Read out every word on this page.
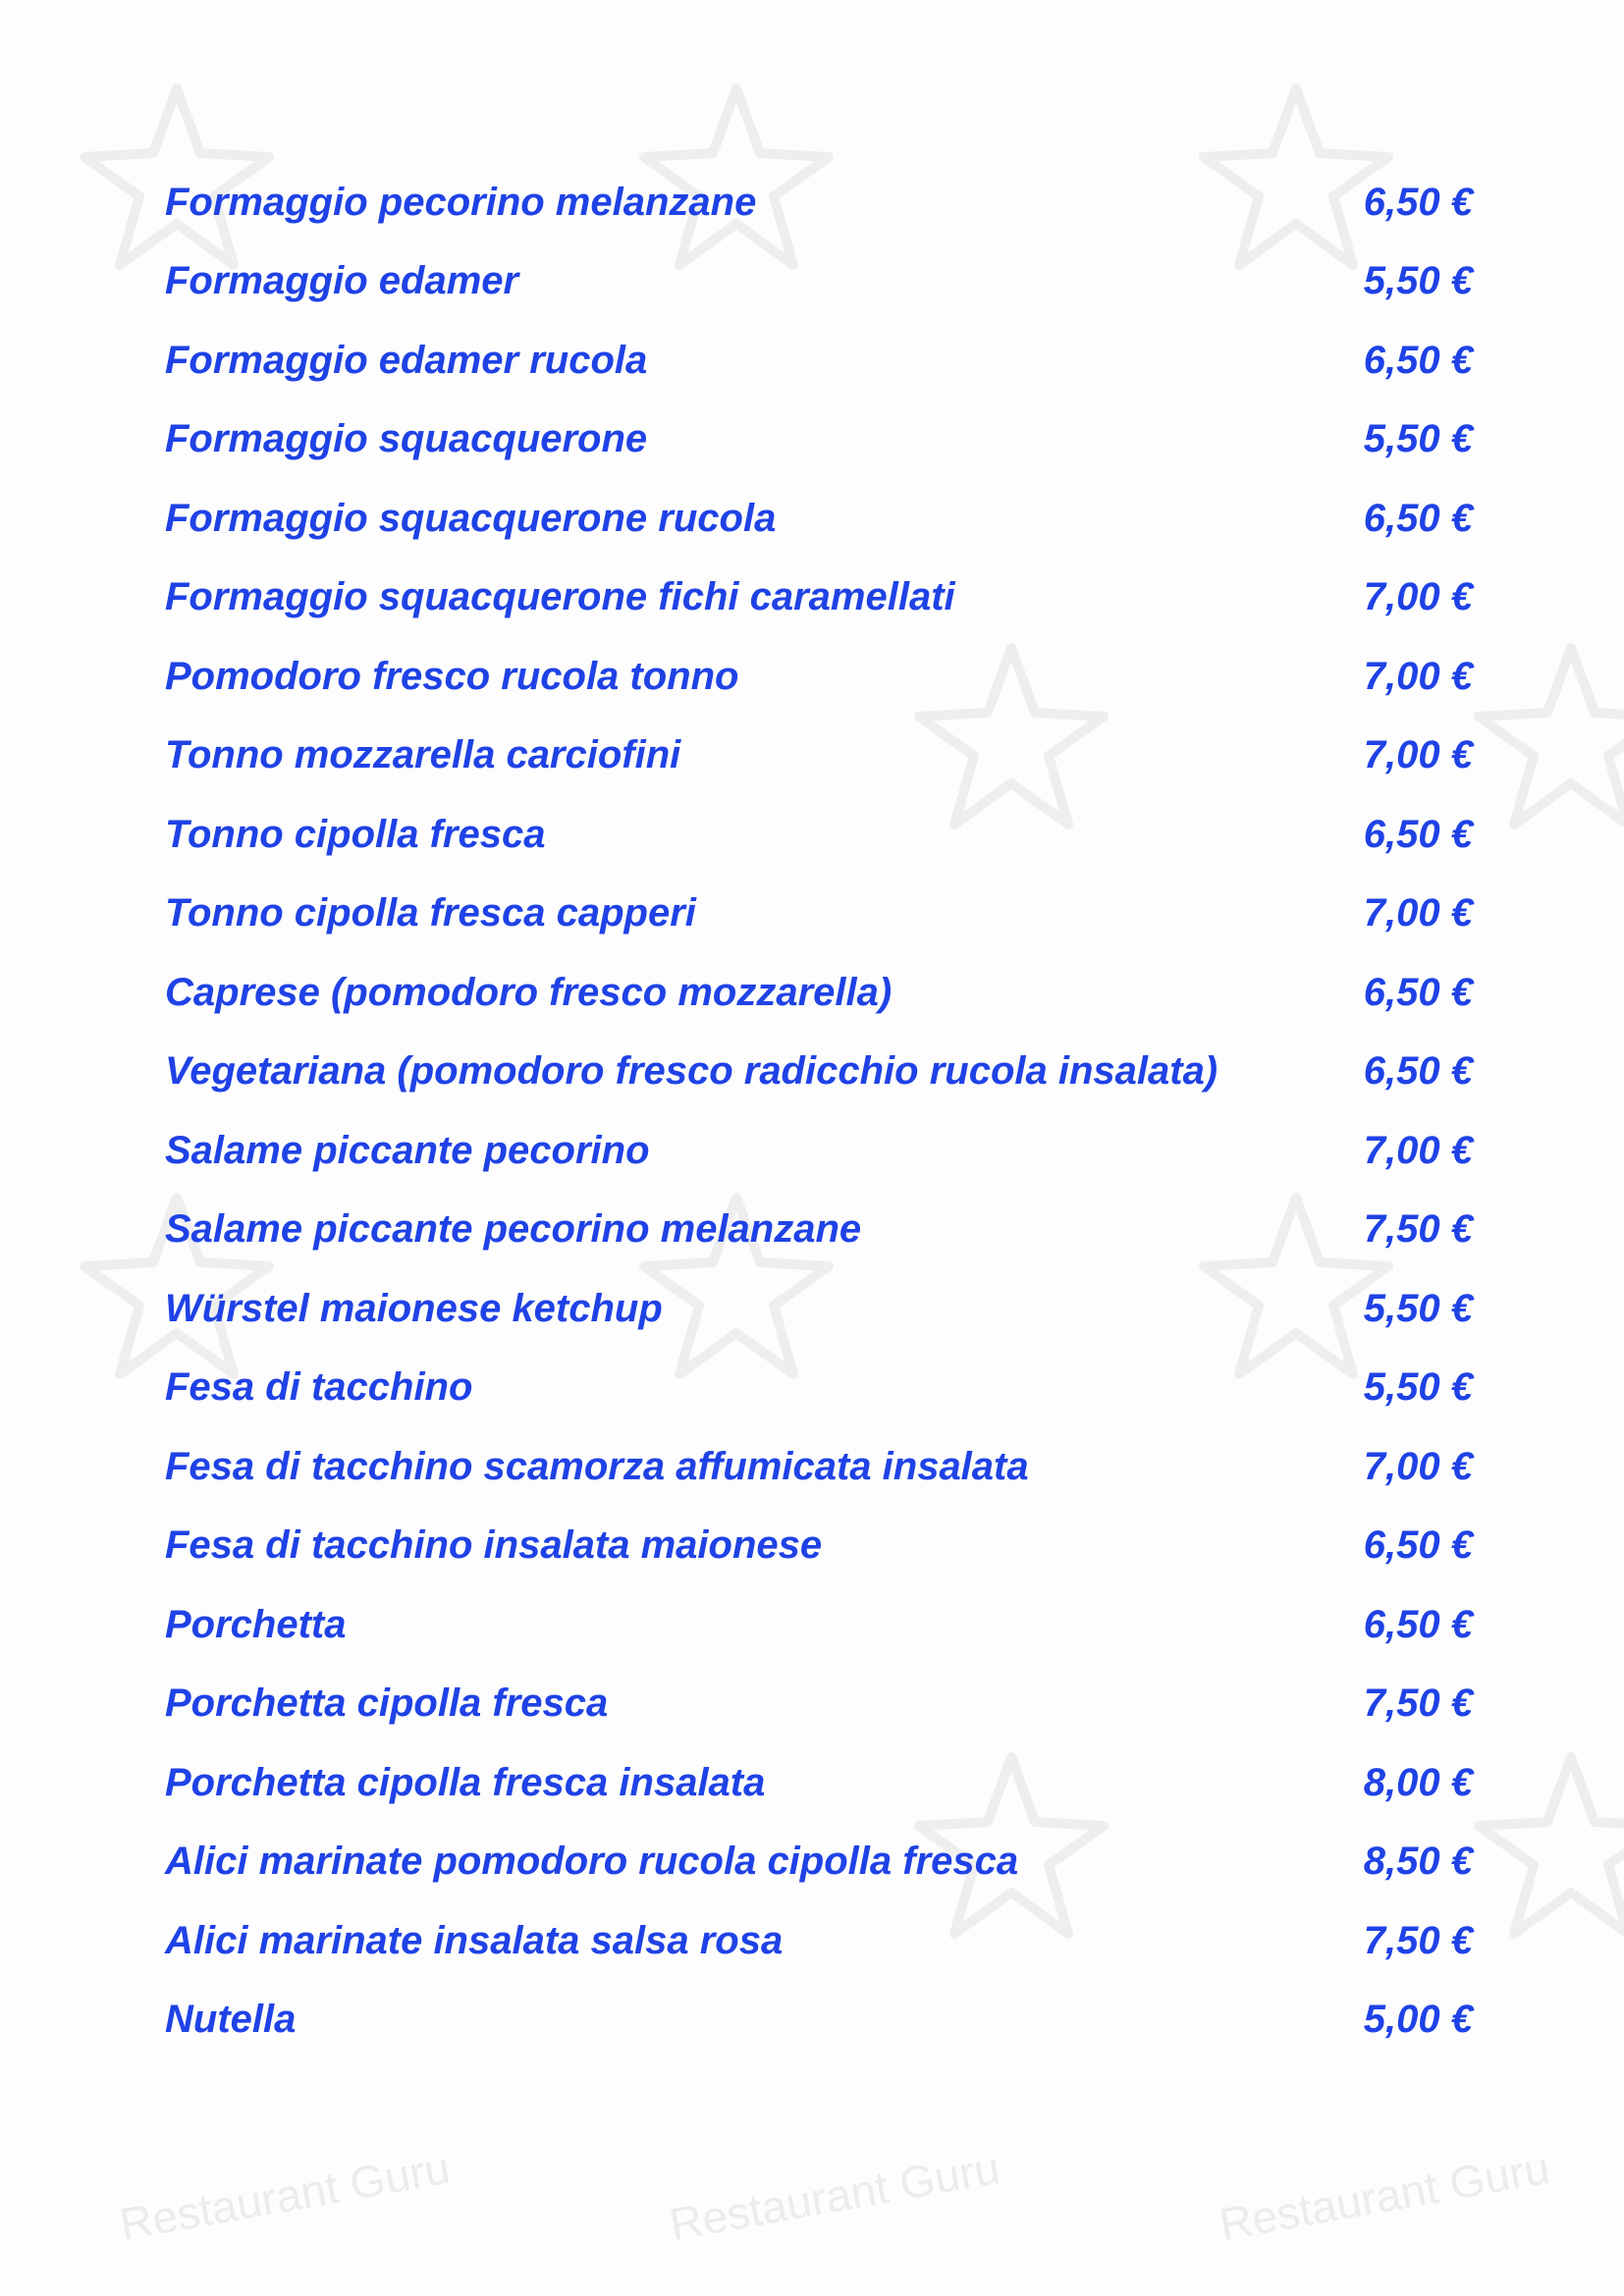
Restaurant Guru	Restaurant Guru	Restaurant Guru
Formaggio pecorino melanzane	6,50 €
Formaggio edamer	5,50 €
Formaggio edamer rucola	6,50 €
Formaggio squacquerone	5,50 €
Formaggio squacquerone rucola	6,50 €
Formaggio squacquerone fichi caramellati	7,00 €
Pomodoro fresco rucola tonno	7,00 €
Tonno mozzarella carciofini	7,00 €
Tonno cipolla fresca	6,50 €
Tonno cipolla fresca capperi	7,00 €
Caprese (pomodoro fresco mozzarella)	6,50 €
Vegetariana (pomodoro fresco radicchio rucola insalata)	6,50 €
Salame piccante pecorino	7,00 €
Salame piccante pecorino melanzane	7,50 €
Würstel maionese ketchup	5,50 €
Fesa di tacchino	5,50 €
Fesa di tacchino scamorza affumicata insalata	7,00 €
Fesa di tacchino insalata maionese	6,50 €
Porchetta	6,50 €
Porchetta cipolla fresca	7,50 €
Porchetta cipolla fresca insalata	8,00 €
Alici marinate pomodoro rucola cipolla fresca	8,50 €
Alici marinate insalata salsa rosa	7,50 €
Nutella	5,00 €
